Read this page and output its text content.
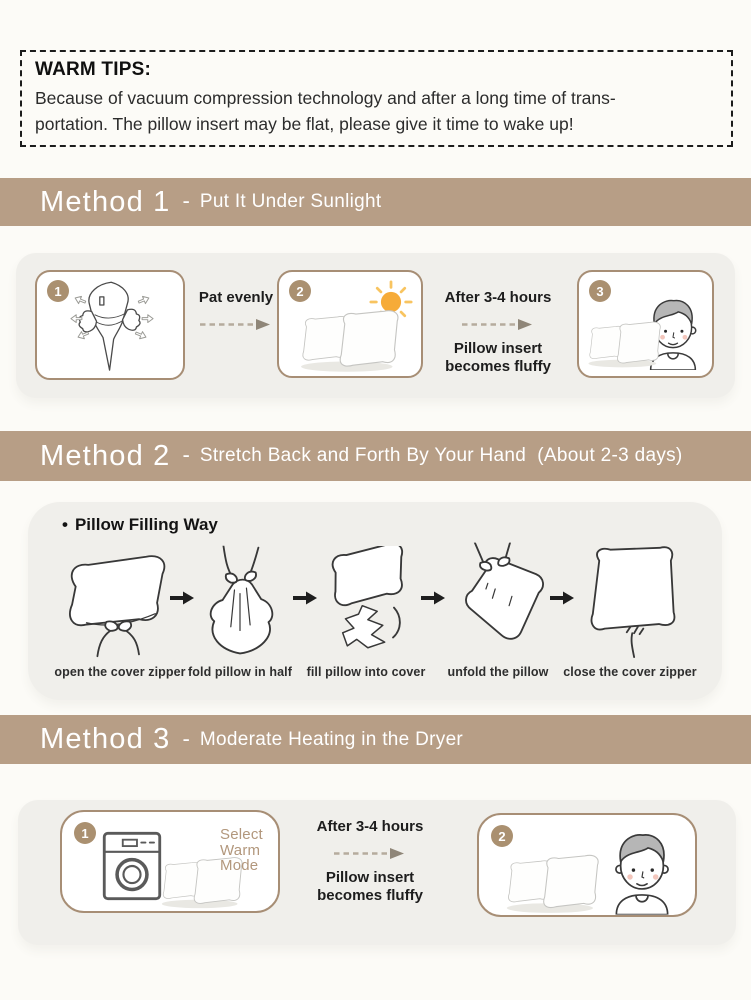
WARM TIPS:
Because of vacuum compression technology and after a long time of trans-
portation. The pillow insert may be flat, please give it time to wake up!
Method 1 - Put It Under Sunlight
1	Pat evenly	2	After 3-4 hours
Pillow insert
becomes fluffy
3
Method 2 - Stretch Back and Forth By Your Hand  (About 2-3 days)
• Pillow Filling Way
open the cover zipper fold pillow in half fill pillow into cover unfold the pillow close the cover zipper
Method 3 - Moderate Heating in the Dryer
1	Select
Warm
Mode
After 3-4 hours
Pillow insert
becomes fluffy
2
